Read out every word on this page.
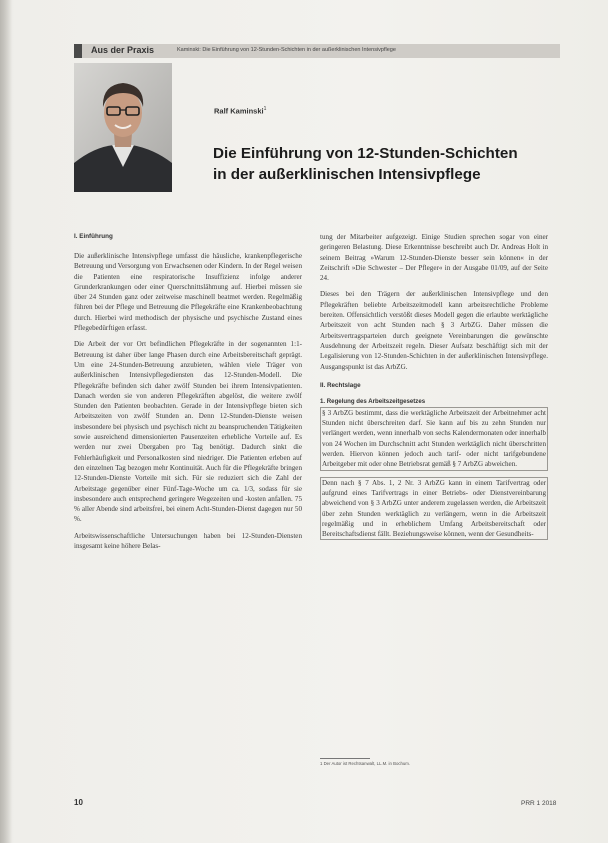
Aus der Praxis	Kaminski: Die Einführung von 12-Stunden-Schichten in der außerklinischen Intensivpflege
Ralf Kaminski$^1$
Die Einführung von 12-Stunden-Schichten
in der außerklinischen Intensivpflege
I. Einführung

Die außerklinische Intensivpflege umfasst die häusliche, krankenpflegerische Betreuung und Versorgung von Erwachsenen oder Kindern. In der Regel weisen die Patienten eine respiratorische Insuffizienz infolge anderer Grunderkrankungen oder einer Querschnittslähmung auf. Hierbei müssen sie über 24 Stunden ganz oder zeitweise maschinell beatmet werden. Regelmäßig führen bei der Pflege und Betreuung die Pflegekräfte eine Krankenbeobachtung durch. Hierbei wird methodisch der physische und psychische Zustand eines Pflegebedürftigen erfasst.

Die Arbeit der vor Ort befindlichen Pflegekräfte in der sogenannten 1:1-Betreuung ist daher über lange Phasen durch eine Arbeitsbereitschaft geprägt. Um eine 24-Stunden-Betreuung anzubieten, wählen viele Träger von außerklinischen Intensivpflegediensten das 12-Stunden-Modell. Die Pflegekräfte befinden sich daher zwölf Stunden bei ihrem Intensivpatienten. Danach werden sie von anderen Pflegekräften abgelöst, die weitere zwölf Stunden den Patienten beobachten. Gerade in der Intensivpflege bieten sich Arbeitszeiten von zwölf Stunden an. Denn 12-Stunden-Dienste weisen insbesondere bei physisch und psychisch nicht zu beanspruchenden Tätigkeiten sowie ausreichend dimensionierten Pausenzeiten erhebliche Vorteile auf. Es werden nur zwei Übergaben pro Tag benötigt. Dadurch sinkt die Fehlerhäufigkeit und Personalkosten sind niedriger. Die Patienten erleben auf den einzelnen Tag bezogen mehr Kontinuität. Auch für die Pflegekräfte bringen 12-Stunden-Dienste Vorteile mit sich. Für sie reduziert sich die Zahl der Arbeitstage gegenüber einer Fünf-Tage-Woche um ca. 1/3, sodass für sie insbesondere auch entsprechend geringere Wegezeiten und -kosten anfallen. 75 % aller Abende sind arbeitsfrei, bei einem Acht-Stunden-Dienst dagegen nur 50 %.

Arbeitswissenschaftliche Untersuchungen haben bei 12-Stunden-Diensten insgesamt keine höhere Belas-

tung der Mitarbeiter aufgezeigt. Einige Studien sprechen sogar von einer geringeren Belastung. Diese Erkenntnisse beschreibt auch Dr. Andreas Holt in seinem Beitrag »Warum 12-Stunden-Dienste besser sein können« in der Zeitschrift »Die Schwester – Der Pfleger« in der Ausgabe 01/09, auf der Seite 24.

Dieses bei den Trägern der außerklinischen Intensivpflege und den Pflegekräften beliebte Arbeitszeitmodell kann arbeitsrechtliche Probleme bereiten. Offensichtlich verstößt dieses Modell gegen die erlaubte werktägliche Arbeitszeit von acht Stunden nach § 3 ArbZG. Daher müssen die Arbeitsvertragsparteien durch geeignete Vereinbarungen die gewünschte Ausdehnung der Arbeitszeit regeln. Dieser Aufsatz beschäftigt sich mit der Legalisierung von 12-Stunden-Schichten in der außerklinischen Intensivpflege. Ausgangspunkt ist das ArbZG.

II. Rechtslage
1. Regelung des Arbeitszeitgesetzes

§ 3 ArbZG bestimmt, dass die werktägliche Arbeitszeit der Arbeitnehmer acht Stunden nicht überschreiten darf. Sie kann auf bis zu zehn Stunden nur verlängert werden, wenn innerhalb von sechs Kalendermonaten oder innerhalb von 24 Wochen im Durchschnitt acht Stunden werktäglich nicht überschritten werden. Hiervon können jedoch auch tarif- oder nicht tarifgebundene Arbeitgeber mit oder ohne Betriebsrat gemäß § 7 ArbZG abweichen.

Denn nach § 7 Abs. 1, 2 Nr. 3 ArbZG kann in einem Tarifvertrag oder aufgrund eines Tarifvertrags in einer Betriebs- oder Dienstvereinbarung abweichend von § 3 ArbZG unter anderem zugelassen werden, die Arbeitszeit über zehn Stunden werktäglich zu verlängern, wenn in die Arbeitszeit regelmäßig und in erheblichem Umfang Arbeitsbereitschaft oder Bereitschaftsdienst fällt. Beziehungsweise können, wenn der Gesundheits-

1 Der Autor ist Rechtsanwalt, LL.M. in Bochum.
10	PRR 1 2018
